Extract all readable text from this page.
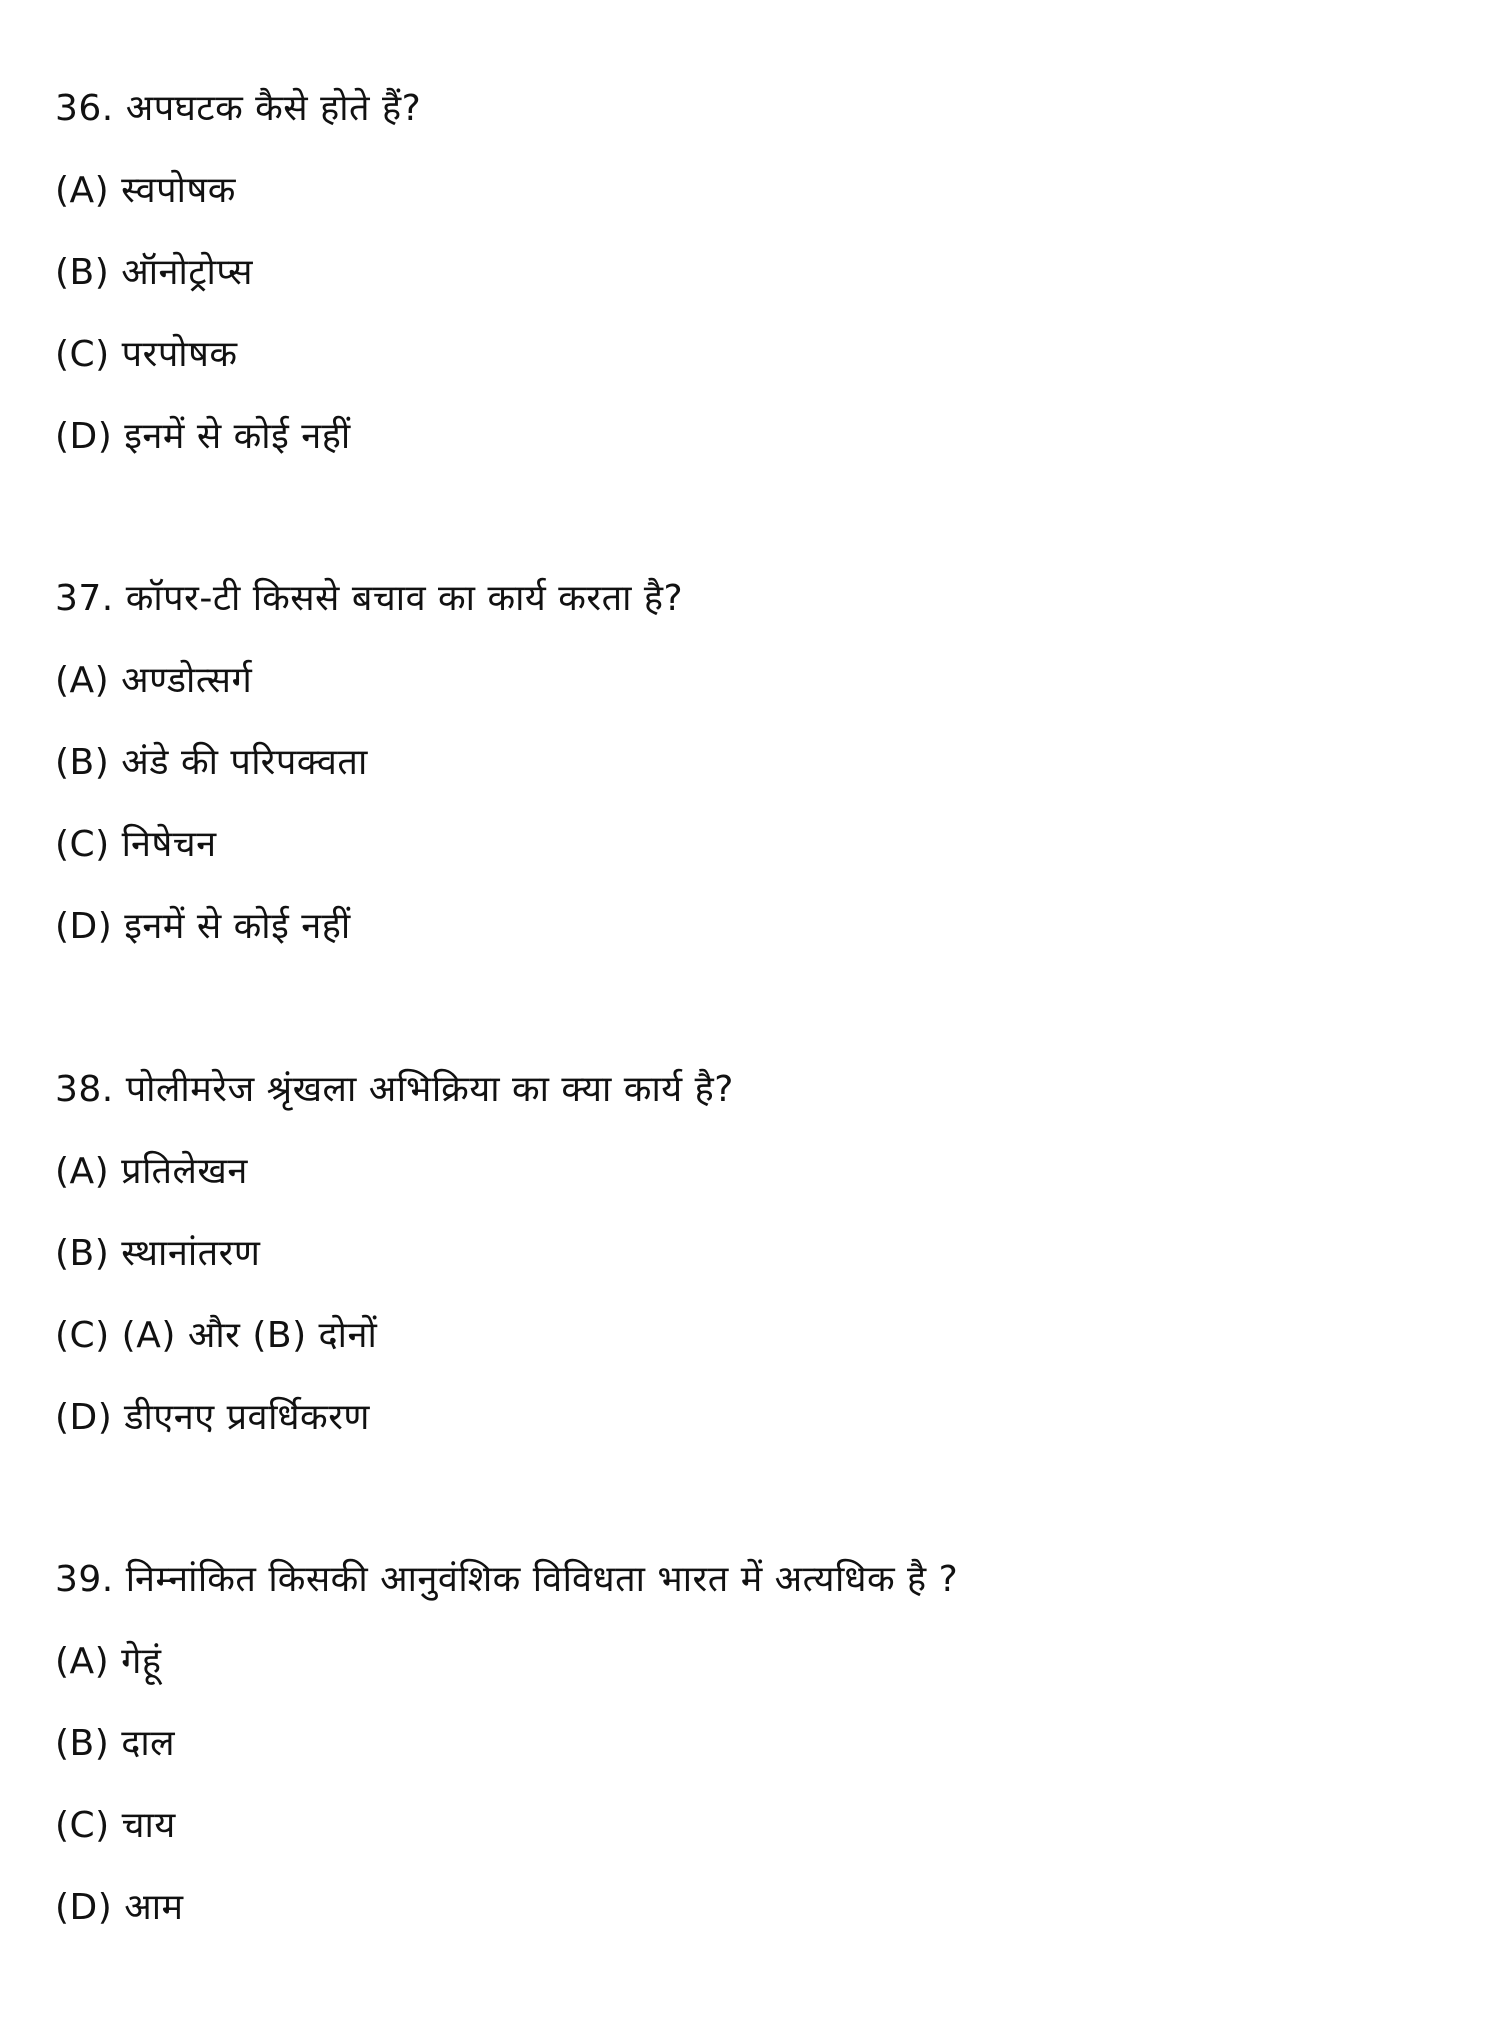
36. अपघटक कैसे होते हैं?
(A) स्वपोषक
(B) ऑनोट्रोप्स
(C) परपोषक
(D) इनमें से कोई नहीं
37. कॉपर-टी किससे बचाव का कार्य करता है?
(A) अण्डोत्सर्ग
(B) अंडे की परिपक्वता
(C) निषेचन
(D) इनमें से कोई नहीं
38. पोलीमरेज श्रृंखला अभिक्रिया का क्या कार्य है?
(A) प्रतिलेखन
(B) स्थानांतरण
(C) (A) और (B) दोनों
(D) डीएनए प्रवर्धिकरण
39. निम्नांकित किसकी आनुवंशिक विविधता भारत में अत्यधिक है ?
(A) गेहूं
(B) दाल
(C) चाय
(D) आम
